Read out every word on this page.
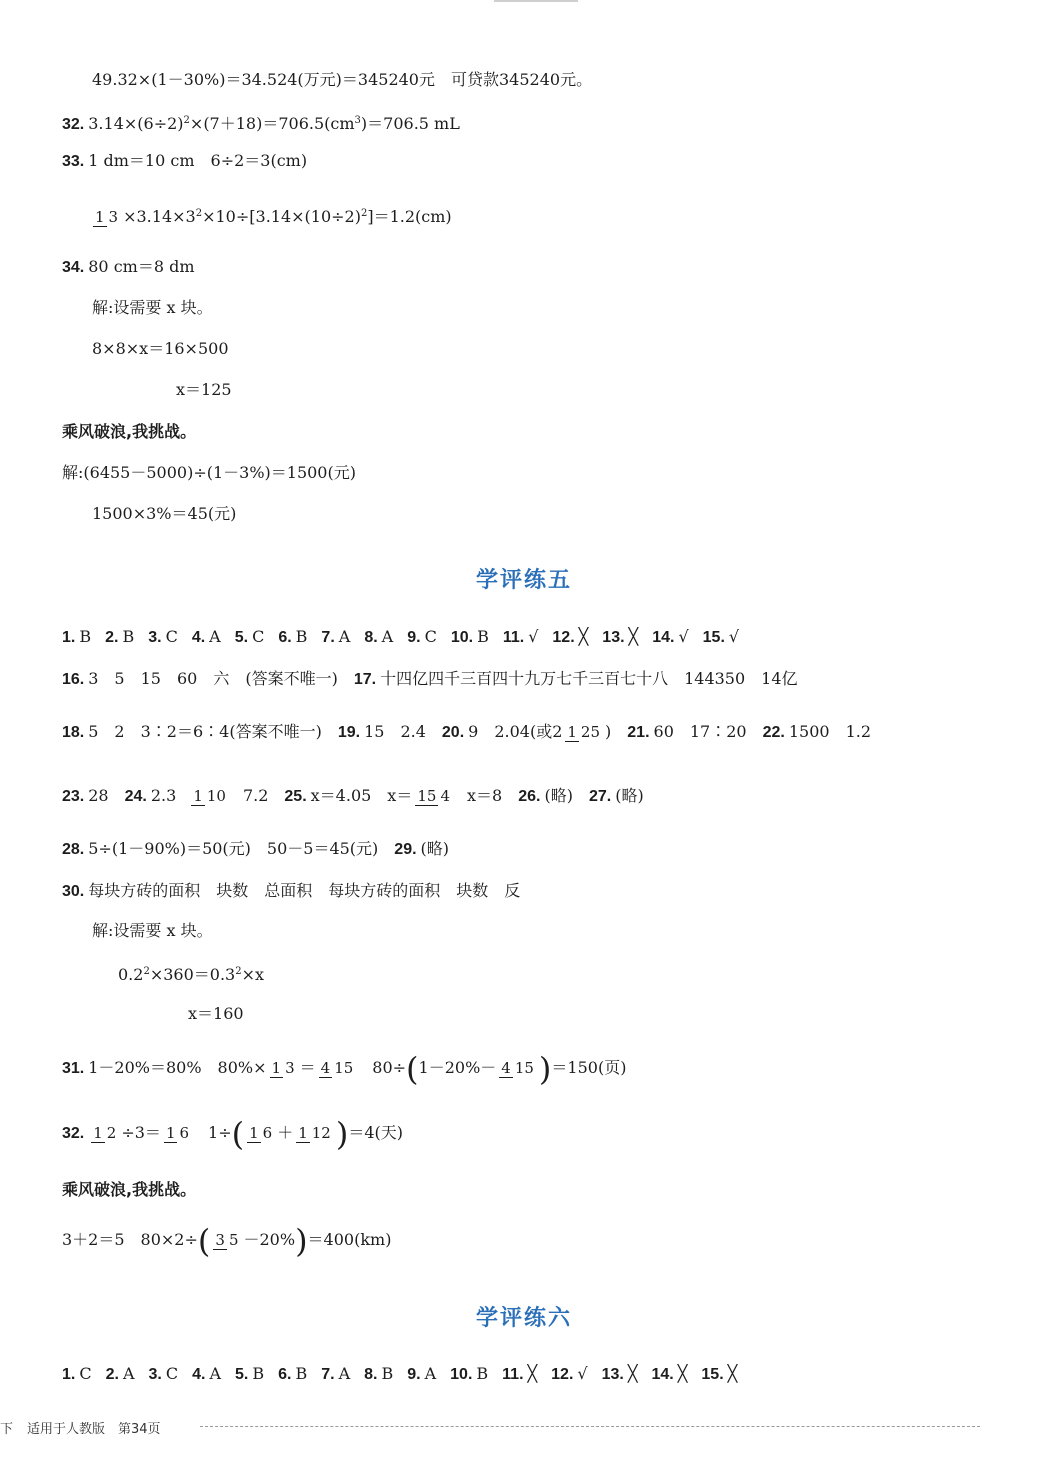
49.32×(1－30%)＝34.524(万元)＝345240元　可贷款345240元。
32. $3.14\times(6\div 2)^2\times(7+18)=706.5(cm^3)=706.5$ mL
33. 1 dm＝10 cm　6÷2＝3(cm)
1 $3 \times 3.14\times 3^2\times 10\div[3.14\times(10\div 2)^2]=1.2(cm)$
34. 80 cm＝8 dm
解:设需要 x 块。
8×8×x＝16×500
x＝125
乘风破浪,我挑战。
解:(6455－5000)÷(1－3%)＝1500(元)
1500×3%＝45(元)
学评练五
1. B 2. B 3. C 4. A 5. C 6. B 7. A 8. A 9. C 10. B 11. √ 12. ╳ 13. ╳ 14. √ 15. √
16. 3　5　15　60　六　(答案不唯一) 17. 十四亿四千三百四十九万七千三百七十八　144350　14亿
18. 5　2　3∶2＝6∶4(答案不唯一) 19. 15　2.4 20. 9　2.04(或2 1 25 ) 21. 60　17∶20 22. 1500　1.2
23. 28 24. 2.3 1 10 7.2 25. x＝4.05　x＝ 15 4 x＝8 26. (略) 27. (略)
28. 5÷(1－90%)＝50(元)　50－5＝45(元) 29. (略)
30. 每块方砖的面积　块数　总面积　每块方砖的面积　块数　反
解:设需要 x 块。
$0.2^2\times 360=0.3^2\times x$
x＝160
31. 1－20%＝80%　80%× 1 3 ＝ 4 15 80÷(1－20%－ 4 15 )＝150(页)
32. 1 2 ÷3＝ 1 6 1÷( 1 6 ＋ 1 12 )＝4(天)
乘风破浪,我挑战。
3＋2＝5　80×2÷( 3 5 －20%)＝400(km)
学评练六
1. C 2. A 3. C 4. A 5. B 6. B 7. A 8. B 9. A 10. B 11. ╳ 12. √ 13. ╳ 14. ╳ 15. ╳
下 适用于人教版　第34页
